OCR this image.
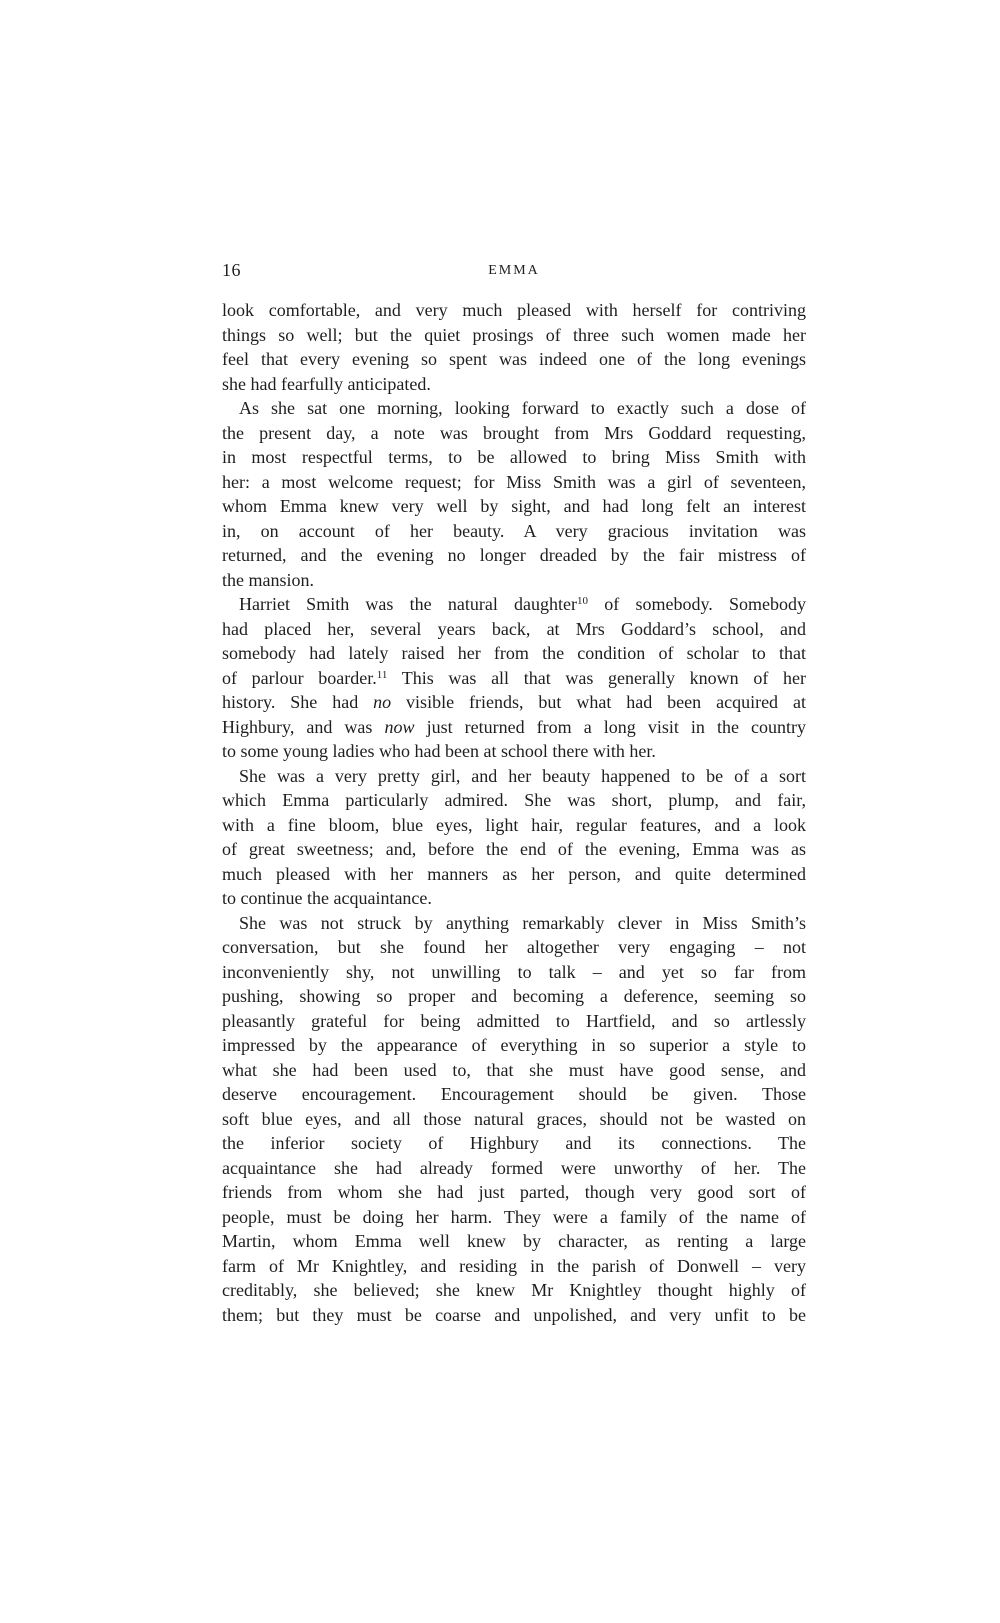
16	EMMA
look comfortable, and very much pleased with herself for contriving
things so well; but the quiet prosings of three such women made her
feel that every evening so spent was indeed one of the long evenings
she had fearfully anticipated.
As she sat one morning, looking forward to exactly such a dose of
the present day, a note was brought from Mrs Goddard requesting,
in most respectful terms, to be allowed to bring Miss Smith with
her: a most welcome request; for Miss Smith was a girl of seventeen,
whom Emma knew very well by sight, and had long felt an interest
in, on account of her beauty. A very gracious invitation was
returned, and the evening no longer dreaded by the fair mistress of
the mansion.
Harriet Smith was the natural daughter$^{10}$ of somebody. Somebody
had placed her, several years back, at Mrs Goddard’s school, and
somebody had lately raised her from the condition of scholar to that
of parlour boarder.$^{11}$ This was all that was generally known of her
history. She had no visible friends, but what had been acquired at
Highbury, and was now just returned from a long visit in the country
to some young ladies who had been at school there with her.
She was a very pretty girl, and her beauty happened to be of a sort
which Emma particularly admired. She was short, plump, and fair,
with a fine bloom, blue eyes, light hair, regular features, and a look
of great sweetness; and, before the end of the evening, Emma was as
much pleased with her manners as her person, and quite determined
to continue the acquaintance.
She was not struck by anything remarkably clever in Miss Smith’s
conversation, but she found her altogether very engaging – not
inconveniently shy, not unwilling to talk – and yet so far from
pushing, showing so proper and becoming a deference, seeming so
pleasantly grateful for being admitted to Hartfield, and so artlessly
impressed by the appearance of everything in so superior a style to
what she had been used to, that she must have good sense, and
deserve encouragement. Encouragement should be given. Those
soft blue eyes, and all those natural graces, should not be wasted on
the inferior society of Highbury and its connections. The
acquaintance she had already formed were unworthy of her. The
friends from whom she had just parted, though very good sort of
people, must be doing her harm. They were a family of the name of
Martin, whom Emma well knew by character, as renting a large
farm of Mr Knightley, and residing in the parish of Donwell – very
creditably, she believed; she knew Mr Knightley thought highly of
them; but they must be coarse and unpolished, and very unfit to be
